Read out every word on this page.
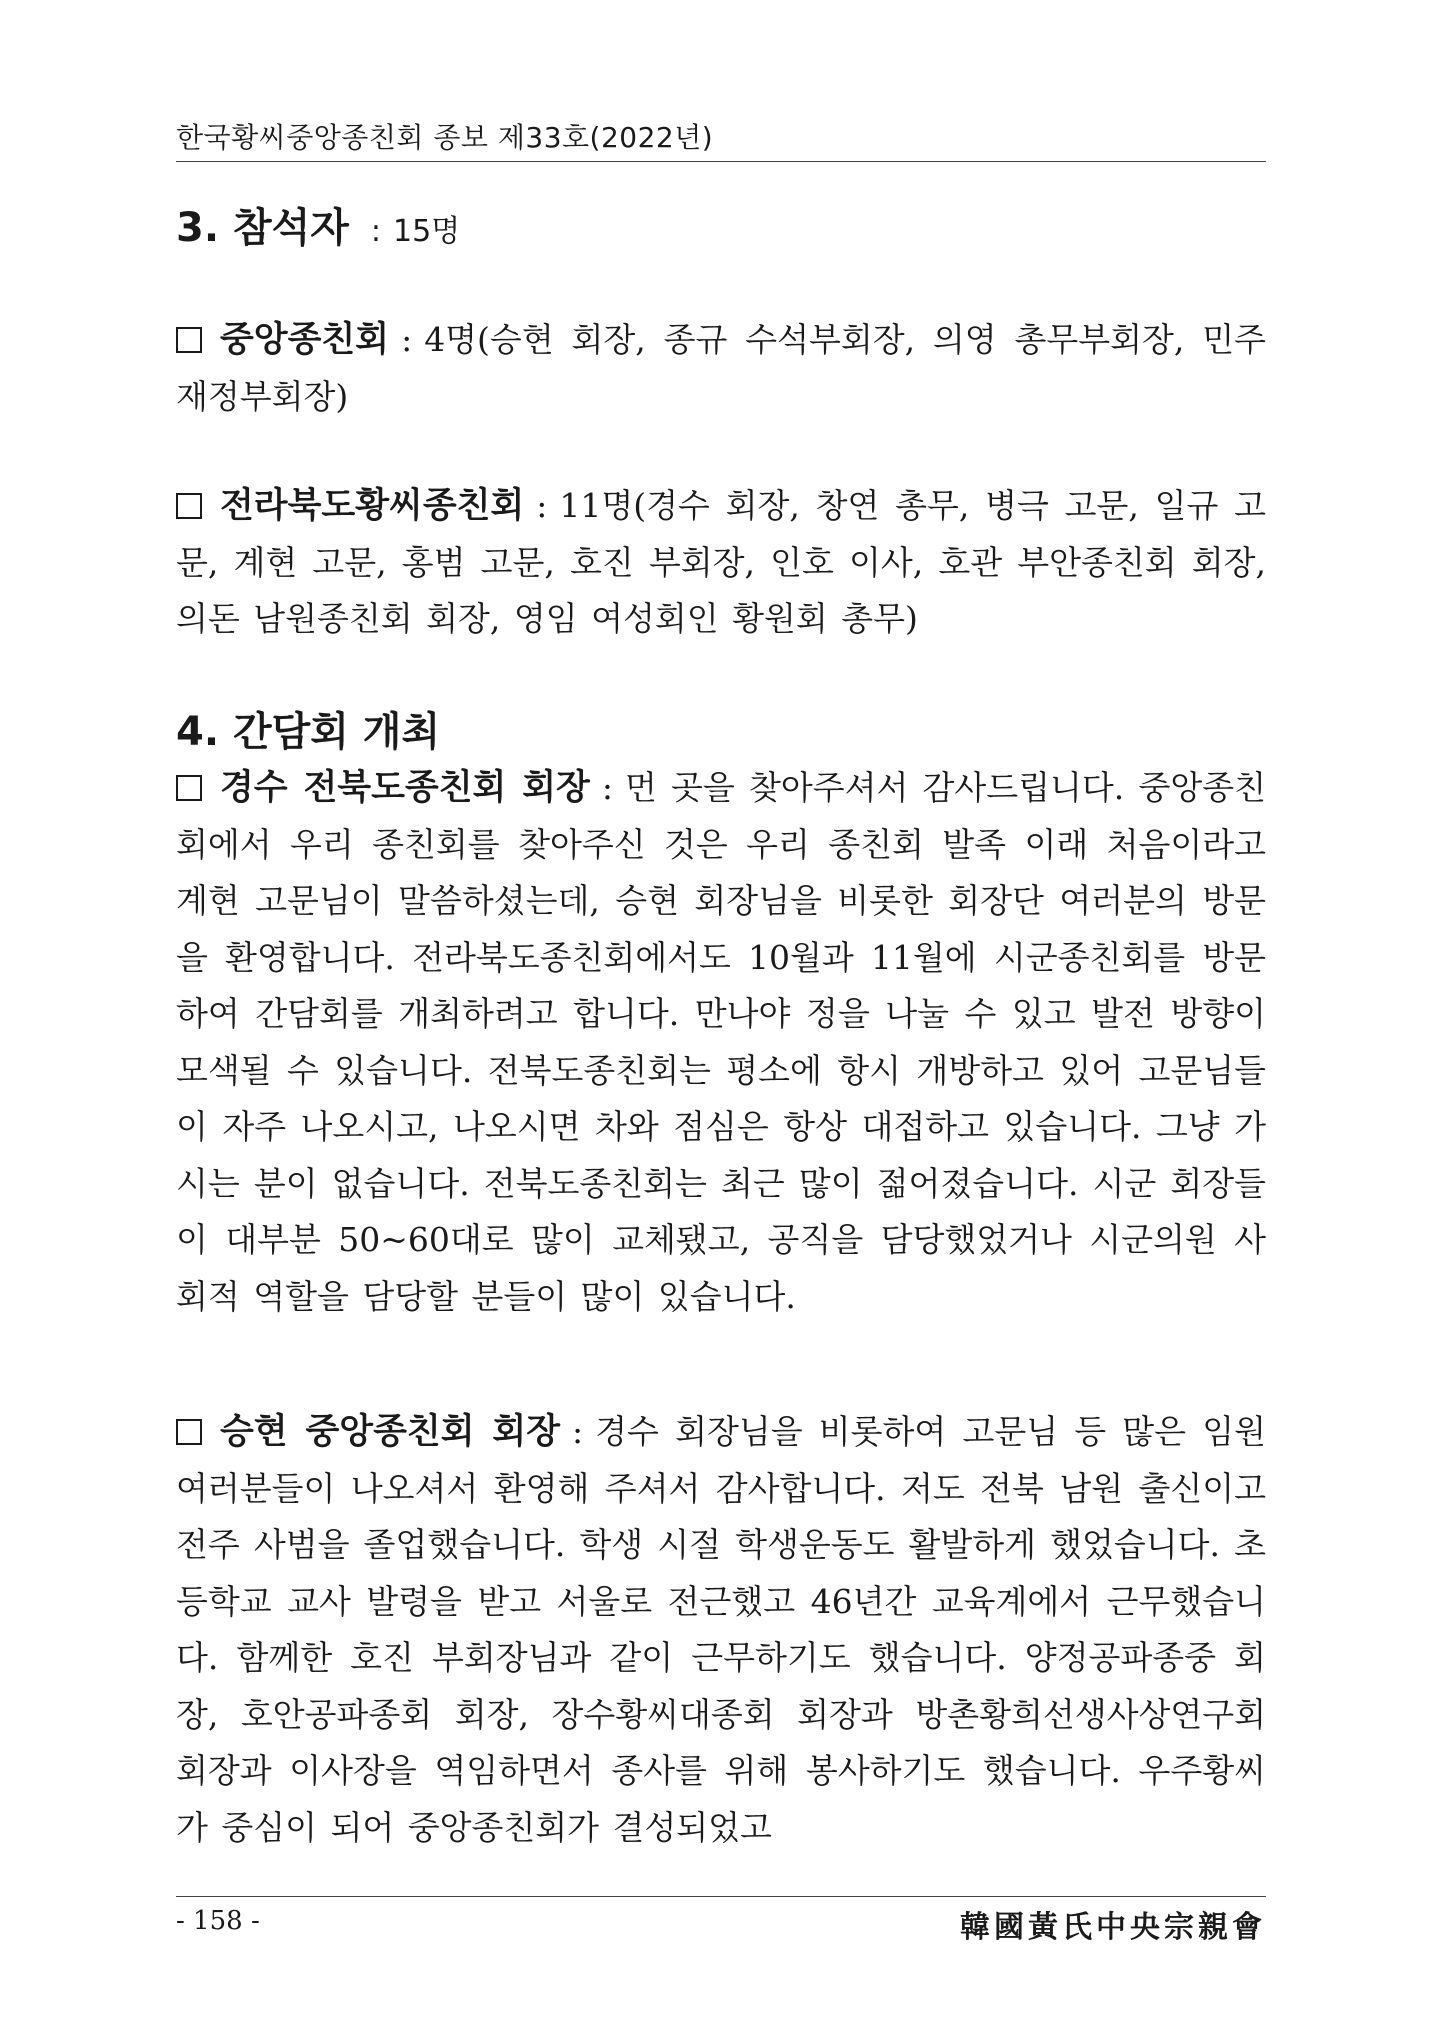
한국황씨중앙종친회 종보 제33호(2022년)
3. 참석자 : 15명
중앙종친회 : 4명(승현 회장, 종규 수석부회장, 의영 총무부회장, 민주 재정부회장)
전라북도황씨종친회 : 11명(경수 회장, 창연 총무, 병극 고문, 일규 고문, 계현 고문, 홍범 고문, 호진 부회장, 인호 이사, 호관 부안종친회 회장, 의돈 남원종친회 회장, 영임 여성회인 황원회 총무)
4. 간담회 개최
경수 전북도종친회 회장 : 먼 곳을 찾아주셔서 감사드립니다. 중앙종친회에서 우리 종친회를 찾아주신 것은 우리 종친회 발족 이래 처음이라고 계현 고문님이 말씀하셨는데, 승현 회장님을 비롯한 회장단 여러분의 방문을 환영합니다. 전라북도종친회에서도 10월과 11월에 시군종친회를 방문하여 간담회를 개최하려고 합니다. 만나야 정을 나눌 수 있고 발전 방향이 모색될 수 있습니다. 전북도종친회는 평소에 항시 개방하고 있어 고문님들이 자주 나오시고, 나오시면 차와 점심은 항상 대접하고 있습니다. 그냥 가시는 분이 없습니다. 전북도종친회는 최근 많이 젊어졌습니다. 시군 회장들이 대부분 50~60대로 많이 교체됐고, 공직을 담당했었거나 시군의원 사회적 역할을 담당할 분들이 많이 있습니다.
승현 중앙종친회 회장 : 경수 회장님을 비롯하여 고문님 등 많은 임원 여러분들이 나오셔서 환영해 주셔서 감사합니다. 저도 전북 남원 출신이고 전주 사범을 졸업했습니다. 학생 시절 학생운동도 활발하게 했었습니다. 초등학교 교사 발령을 받고 서울로 전근했고 46년간 교육계에서 근무했습니다. 함께한 호진 부회장님과 같이 근무하기도 했습니다. 양정공파종중 회장, 호안공파종회 회장, 장수황씨대종회 회장과 방촌황희선생사상연구회 회장과 이사장을 역임하면서 종사를 위해 봉사하기도 했습니다. 우주황씨가 중심이 되어 중앙종친회가 결성되었고
- 158 -	韓國黃氏中央宗親會
